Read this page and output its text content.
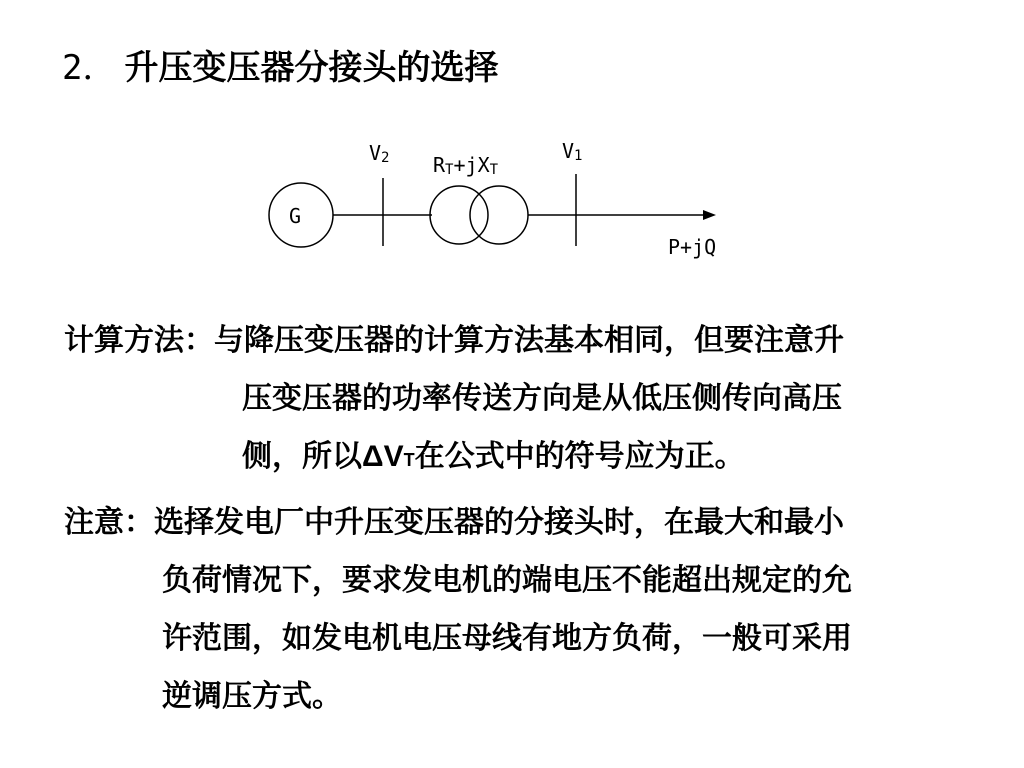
2． 升压变压器分接头的选择
G
V2 RT+jXT
V1
P+jQ
计算方法：与降压变压器的计算方法基本相同，但要注意升
压变压器的功率传送方向是从低压侧传向高压
侧，所以ΔVT在公式中的符号应为正。
注意：选择发电厂中升压变压器的分接头时，在最大和最小
负荷情况下，要求发电机的端电压不能超出规定的允
许范围，如发电机电压母线有地方负荷，一般可采用
逆调压方式。
